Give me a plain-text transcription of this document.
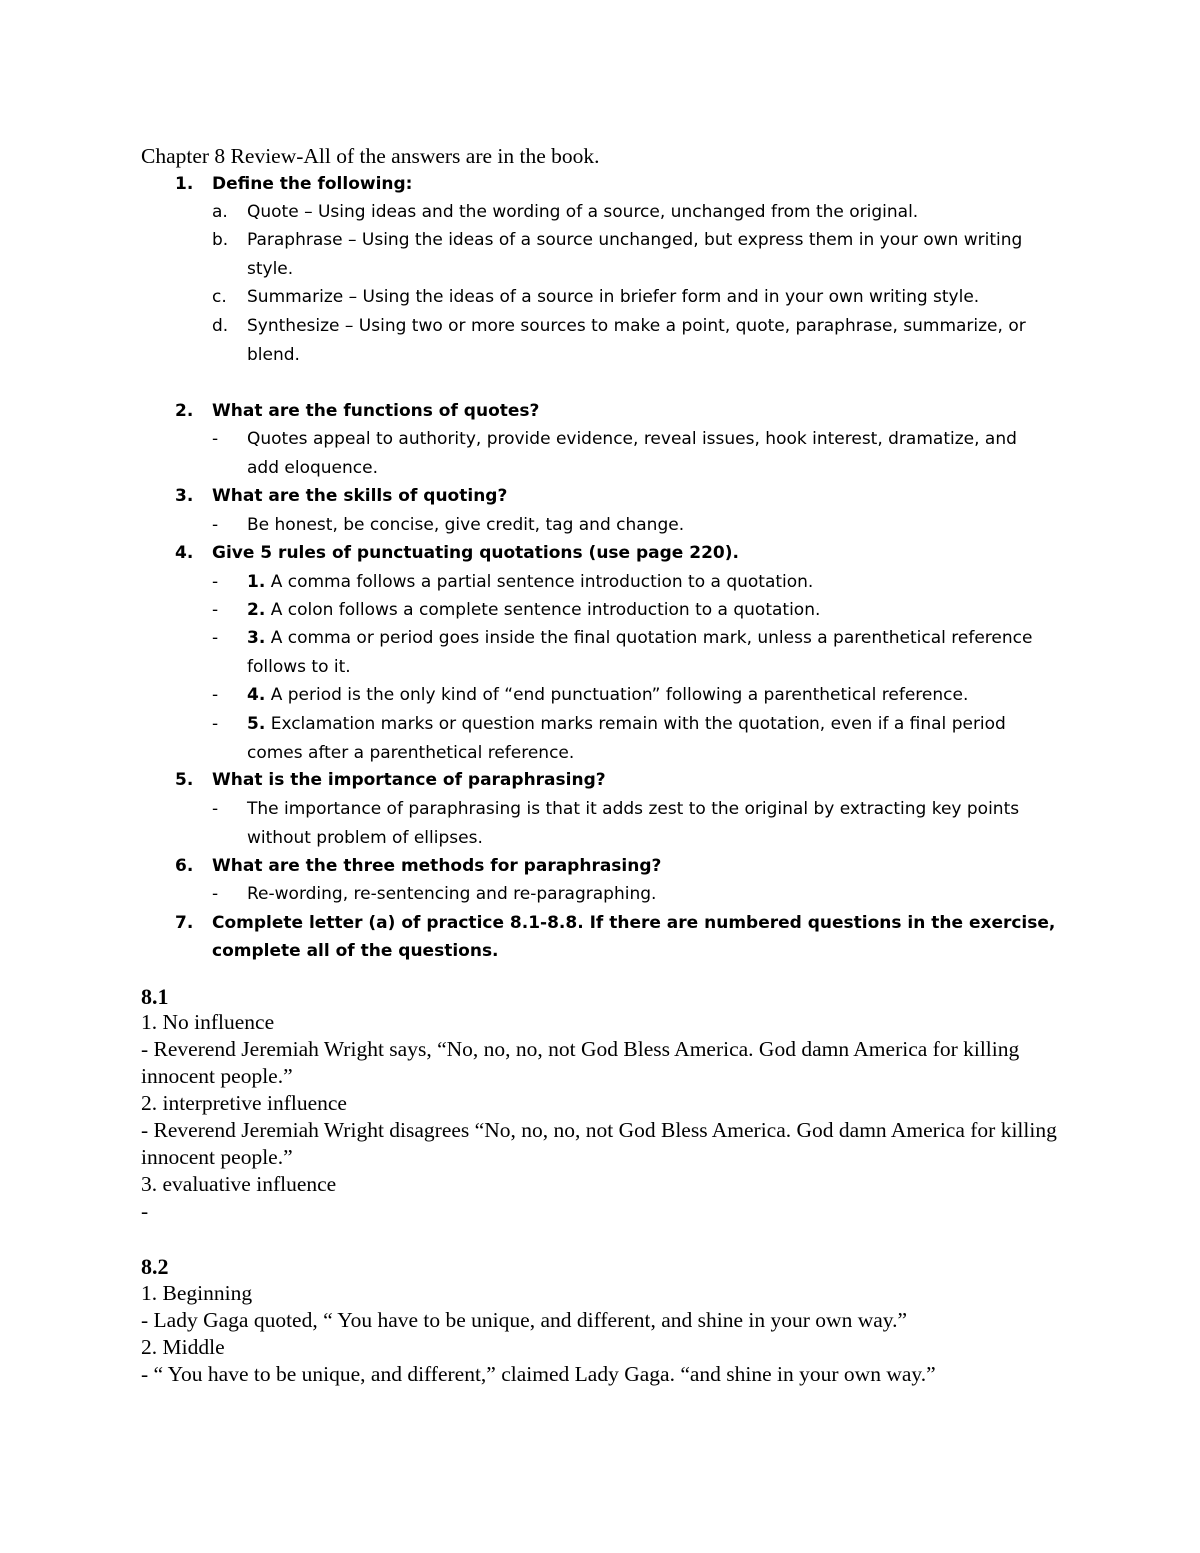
Chapter 8 Review-All of the answers are in the book.
1. Define the following:
a. Quote – Using ideas and the wording of a source, unchanged from the original.
b. Paraphrase – Using the ideas of a source unchanged, but express them in your own writing style.
c. Summarize – Using the ideas of a source in briefer form and in your own writing style.
d. Synthesize – Using two or more sources to make a point, quote, paraphrase, summarize, or blend.
2. What are the functions of quotes?
- Quotes appeal to authority, provide evidence, reveal issues, hook interest, dramatize, and add eloquence.
3. What are the skills of quoting?
- Be honest, be concise, give credit, tag and change.
4. Give 5 rules of punctuating quotations (use page 220).
- 1. A comma follows a partial sentence introduction to a quotation.
- 2. A colon follows a complete sentence introduction to a quotation.
- 3. A comma or period goes inside the final quotation mark, unless a parenthetical reference follows to it.
- 4. A period is the only kind of “end punctuation” following a parenthetical reference.
- 5. Exclamation marks or question marks remain with the quotation, even if a final period comes after a parenthetical reference.
5. What is the importance of paraphrasing?
- The importance of paraphrasing is that it adds zest to the original by extracting key points without problem of ellipses.
6. What are the three methods for paraphrasing?
- Re-wording, re-sentencing and re-paragraphing.
7. Complete letter (a) of practice 8.1-8.8. If there are numbered questions in the exercise,
complete all of the questions.
8.1
1. No influence
- Reverend Jeremiah Wright says, “No, no, no, not God Bless America. God damn America for killing innocent people.”
2. interpretive influence
- Reverend Jeremiah Wright disagrees “No, no, no, not God Bless America. God damn America for killing innocent people.”
3. evaluative influence
-
8.2
1. Beginning
- Lady Gaga quoted, “ You have to be unique, and different, and shine in your own way.”
2. Middle
- “ You have to be unique, and different,” claimed Lady Gaga. “and shine in your own way.”
